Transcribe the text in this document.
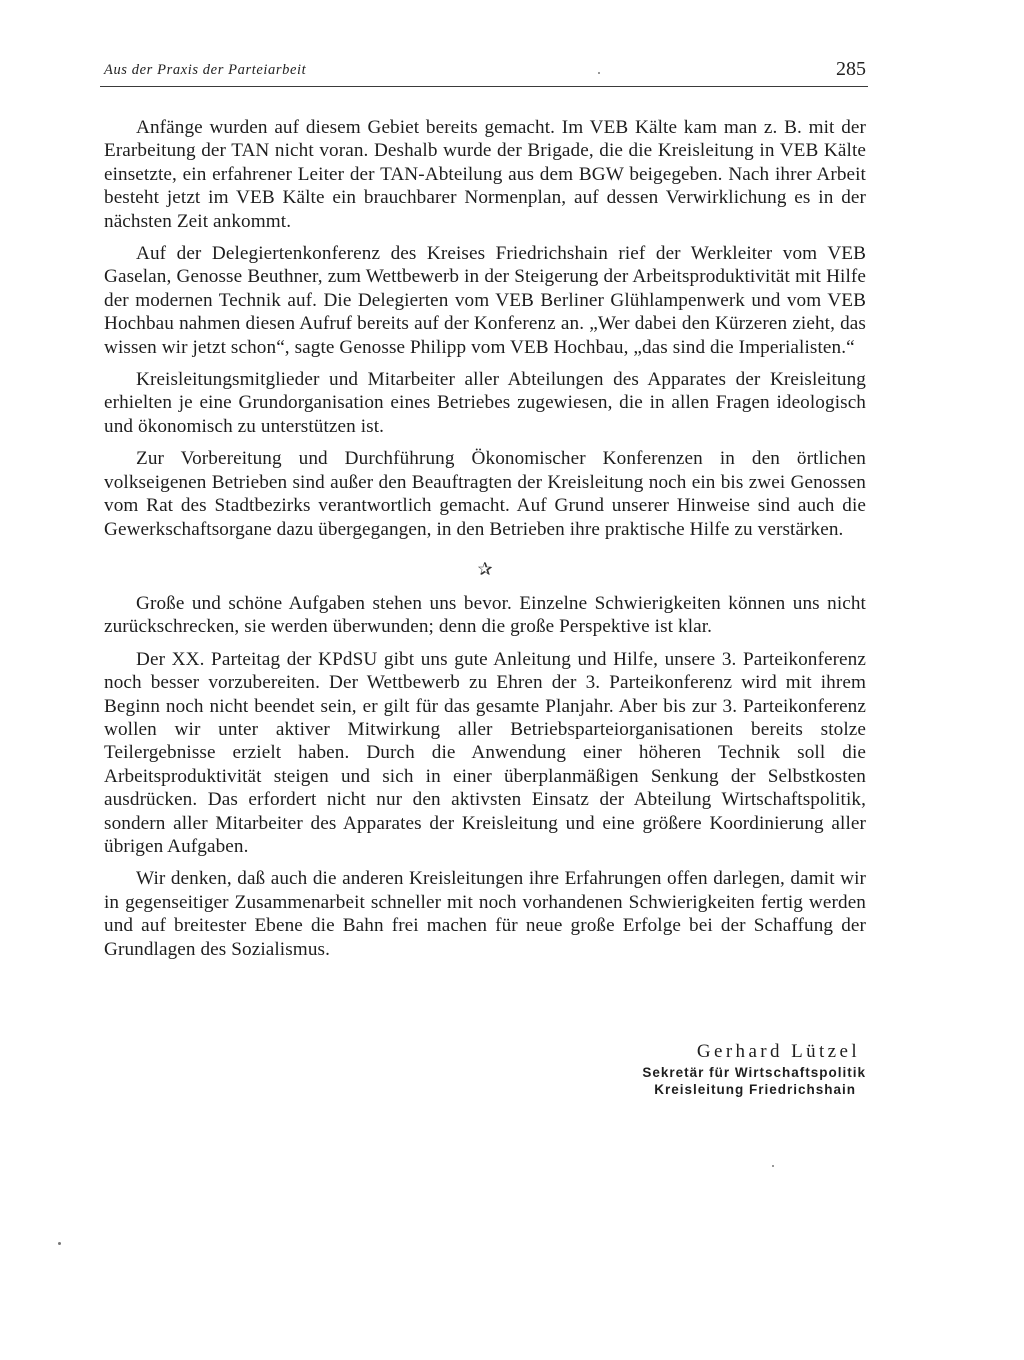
Aus der Praxis der Parteiarbeit	285

Anfänge wurden auf diesem Gebiet bereits gemacht. Im VEB Kälte kam man z. B. mit der Erarbeitung der TAN nicht voran. Deshalb wurde der Brigade, die die Kreisleitung in VEB Kälte einsetzte, ein erfahrener Leiter der TAN-Abteilung aus dem BGW beigegeben. Nach ihrer Arbeit besteht jetzt im VEB Kälte ein brauchbarer Normenplan, auf dessen Verwirklichung es in der nächsten Zeit ankommt.

Auf der Delegiertenkonferenz des Kreises Friedrichshain rief der Werkleiter vom VEB Gaselan, Genosse Beuthner, zum Wettbewerb in der Steigerung der Arbeitsproduktivität mit Hilfe der modernen Technik auf. Die Delegierten vom VEB Berliner Glühlampenwerk und vom VEB Hochbau nahmen diesen Aufruf bereits auf der Konferenz an. „Wer dabei den Kürzeren zieht, das wissen wir jetzt schon“, sagte Genosse Philipp vom VEB Hochbau, „das sind die Imperialisten.“

Kreisleitungsmitglieder und Mitarbeiter aller Abteilungen des Apparates der Kreisleitung erhielten je eine Grundorganisation eines Betriebes zugewiesen, die in allen Fragen ideologisch und ökonomisch zu unterstützen ist.

Zur Vorbereitung und Durchführung Ökonomischer Konferenzen in den örtlichen volkseigenen Betrieben sind außer den Beauftragten der Kreisleitung noch ein bis zwei Genossen vom Rat des Stadtbezirks verantwortlich gemacht. Auf Grund unserer Hinweise sind auch die Gewerkschaftsorgane dazu übergegangen, in den Betrieben ihre praktische Hilfe zu verstärken.

✰

Große und schöne Aufgaben stehen uns bevor. Einzelne Schwierigkeiten können uns nicht zurückschrecken, sie werden überwunden; denn die große Perspektive ist klar.

Der XX. Parteitag der KPdSU gibt uns gute Anleitung und Hilfe, unsere 3. Parteikonferenz noch besser vorzubereiten. Der Wettbewerb zu Ehren der 3. Parteikonferenz wird mit ihrem Beginn noch nicht beendet sein, er gilt für das gesamte Planjahr. Aber bis zur 3. Parteikonferenz wollen wir unter aktiver Mitwirkung aller Betriebsparteiorganisationen bereits stolze Teilergebnisse erzielt haben. Durch die Anwendung einer höheren Technik soll die Arbeitsproduktivität steigen und sich in einer überplanmäßigen Senkung der Selbstkosten ausdrücken. Das erfordert nicht nur den aktivsten Einsatz der Abteilung Wirtschaftspolitik, sondern aller Mitarbeiter des Apparates der Kreisleitung und eine größere Koordinierung aller übrigen Aufgaben.

Wir denken, daß auch die anderen Kreisleitungen ihre Erfahrungen offen darlegen, damit wir in gegenseitiger Zusammenarbeit schneller mit noch vorhandenen Schwierigkeiten fertig werden und auf breitester Ebene die Bahn frei machen für neue große Erfolge bei der Schaffung der Grundlagen des Sozialismus.

Gerhard Lützel
Sekretär für Wirtschaftspolitik
Kreisleitung Friedrichshain
